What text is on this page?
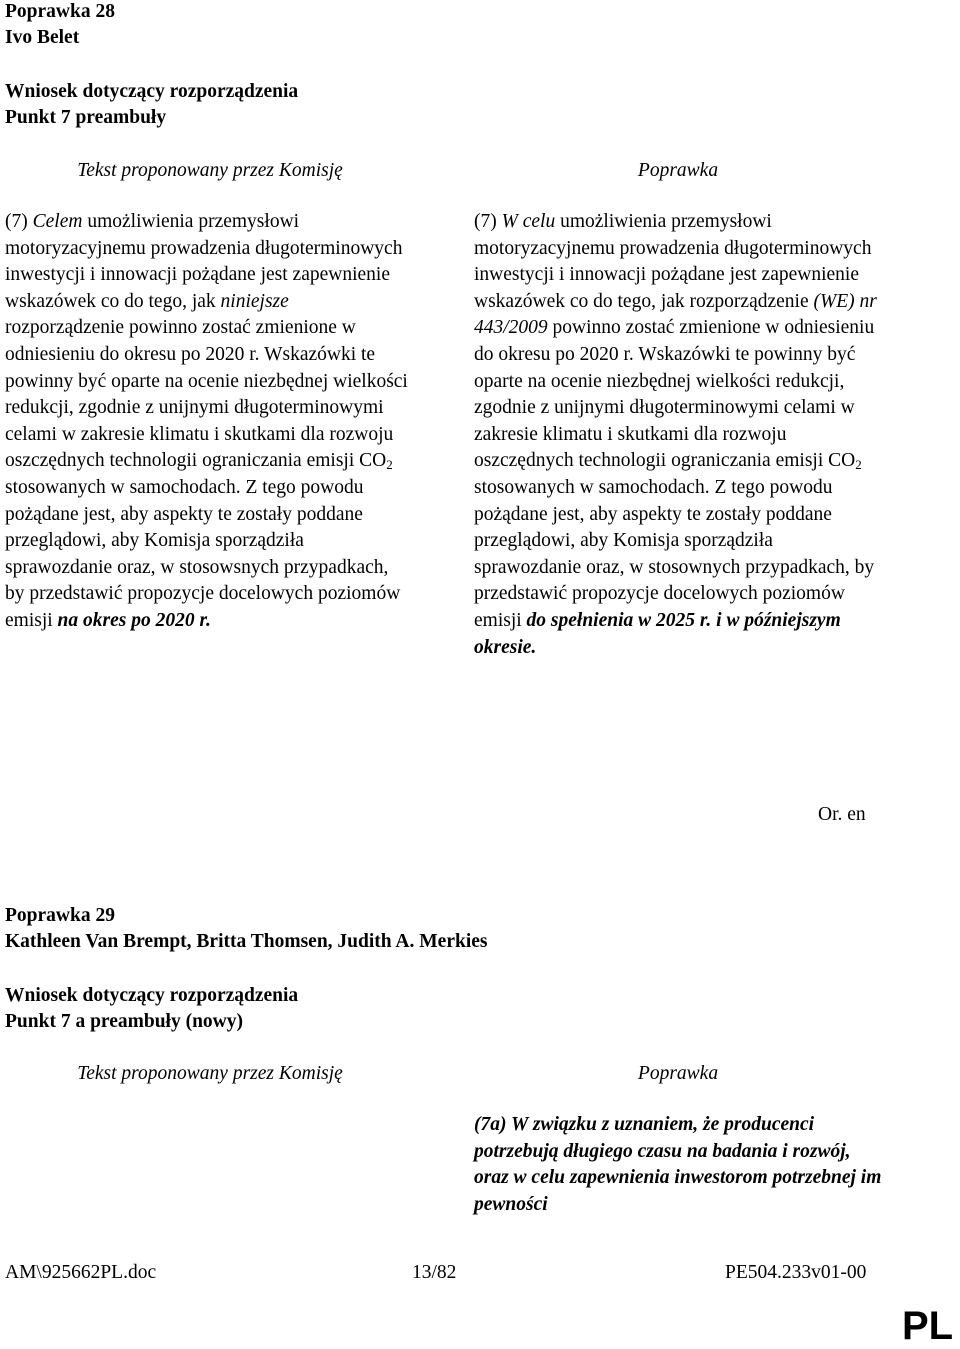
Poprawka 28
Ivo Belet
Wniosek dotyczący rozporządzenia
Punkt 7 preambuły
Tekst proponowany przez Komisję	Poprawka
(7) Celem umożliwienia przemysłowi motoryzacyjnemu prowadzenia długoterminowych inwestycji i innowacji pożądane jest zapewnienie wskazówek co do tego, jak niniejsze rozporządzenie powinno zostać zmienione w odniesieniu do okresu po 2020 r. Wskazówki te powinny być oparte na ocenie niezbędnej wielkości redukcji, zgodnie z unijnymi długoterminowymi celami w zakresie klimatu i skutkami dla rozwoju oszczędnych technologii ograniczania emisji $CO_2$ stosowanych w samochodach. Z tego powodu pożądane jest, aby aspekty te zostały poddane przeglądowi, aby Komisja sporządziła sprawozdanie oraz, w stosowsnych przypadkach, by przedstawić propozycje docelowych poziomów emisji na okres po 2020 r.
(7) W celu umożliwienia przemysłowi motoryzacyjnemu prowadzenia długoterminowych inwestycji i innowacji pożądane jest zapewnienie wskazówek co do tego, jak rozporządzenie (WE) nr 443/2009 powinno zostać zmienione w odniesieniu do okresu po 2020 r. Wskazówki te powinny być oparte na ocenie niezbędnej wielkości redukcji, zgodnie z unijnymi długoterminowymi celami w zakresie klimatu i skutkami dla rozwoju oszczędnych technologii ograniczania emisji $CO_2$ stosowanych w samochodach. Z tego powodu pożądane jest, aby aspekty te zostały poddane przeglądowi, aby Komisja sporządziła sprawozdanie oraz, w stosownych przypadkach, by przedstawić propozycje docelowych poziomów emisji do spełnienia w 2025 r. i w późniejszym okresie.
Or. en
Poprawka 29
Kathleen Van Brempt, Britta Thomsen, Judith A. Merkies
Wniosek dotyczący rozporządzenia
Punkt 7 a preambuły (nowy)
Tekst proponowany przez Komisję	Poprawka
(7a) W związku z uznaniem, że producenci potrzebują długiego czasu na badania i rozwój, oraz w celu zapewnienia inwestorom potrzebnej im pewności
AM\925662PL.doc	13/82	PE504.233v01-00
PL
